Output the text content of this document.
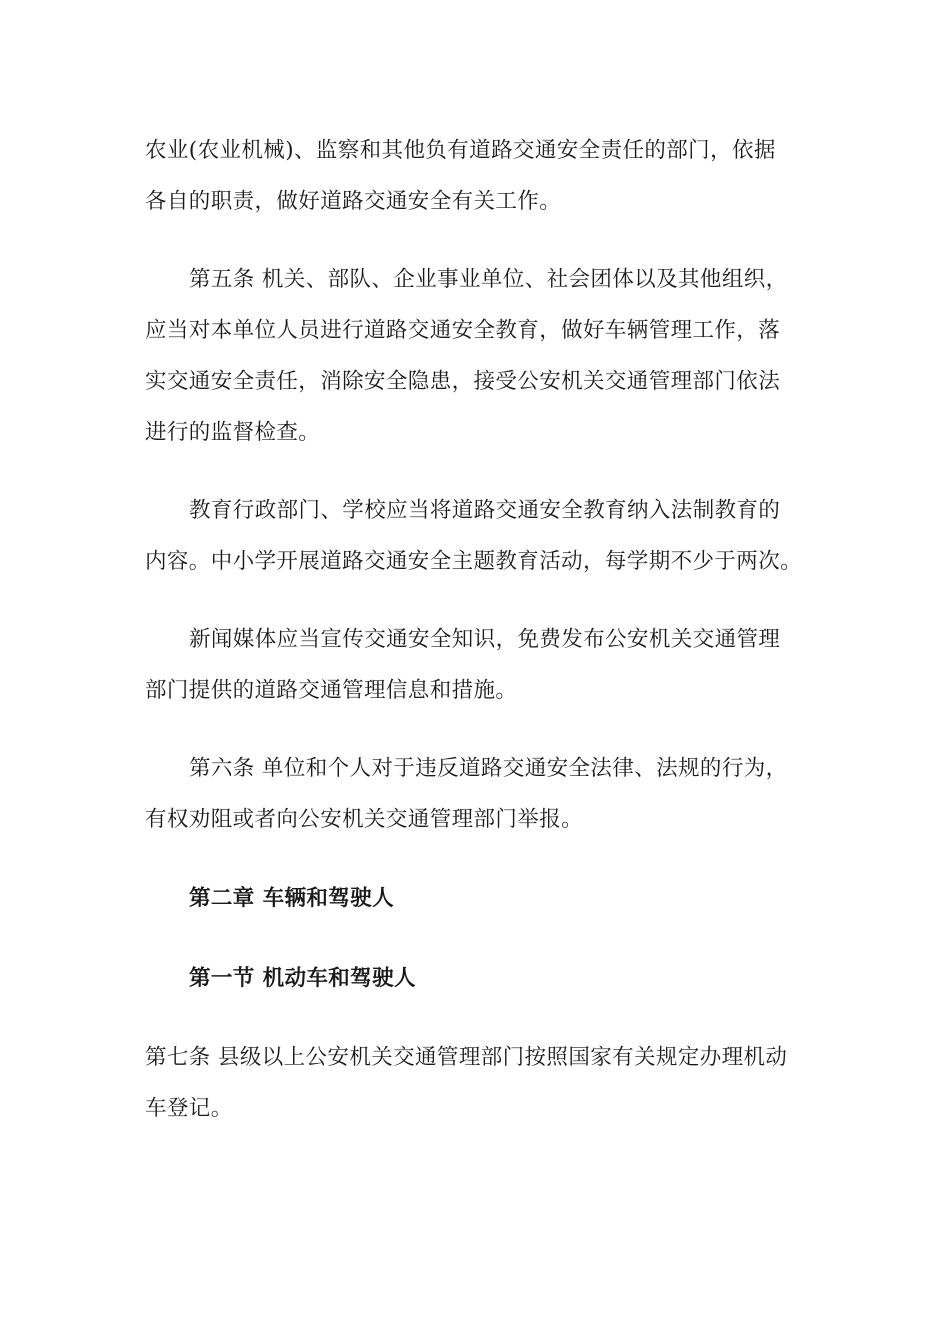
农业(农业机械)、监察和其他负有道路交通安全责任的部门，依据
各自的职责，做好道路交通安全有关工作。

第五条 机关、部队、企业事业单位、社会团体以及其他组织，
应当对本单位人员进行道路交通安全教育，做好车辆管理工作，落
实交通安全责任，消除安全隐患，接受公安机关交通管理部门依法
进行的监督检查。

教育行政部门、学校应当将道路交通安全教育纳入法制教育的
内容。中小学开展道路交通安全主题教育活动，每学期不少于两次。

新闻媒体应当宣传交通安全知识，免费发布公安机关交通管理
部门提供的道路交通管理信息和措施。

第六条 单位和个人对于违反道路交通安全法律、法规的行为，
有权劝阻或者向公安机关交通管理部门举报。

第二章 车辆和驾驶人

第一节 机动车和驾驶人

第七条 县级以上公安机关交通管理部门按照国家有关规定办理机动
车登记。
